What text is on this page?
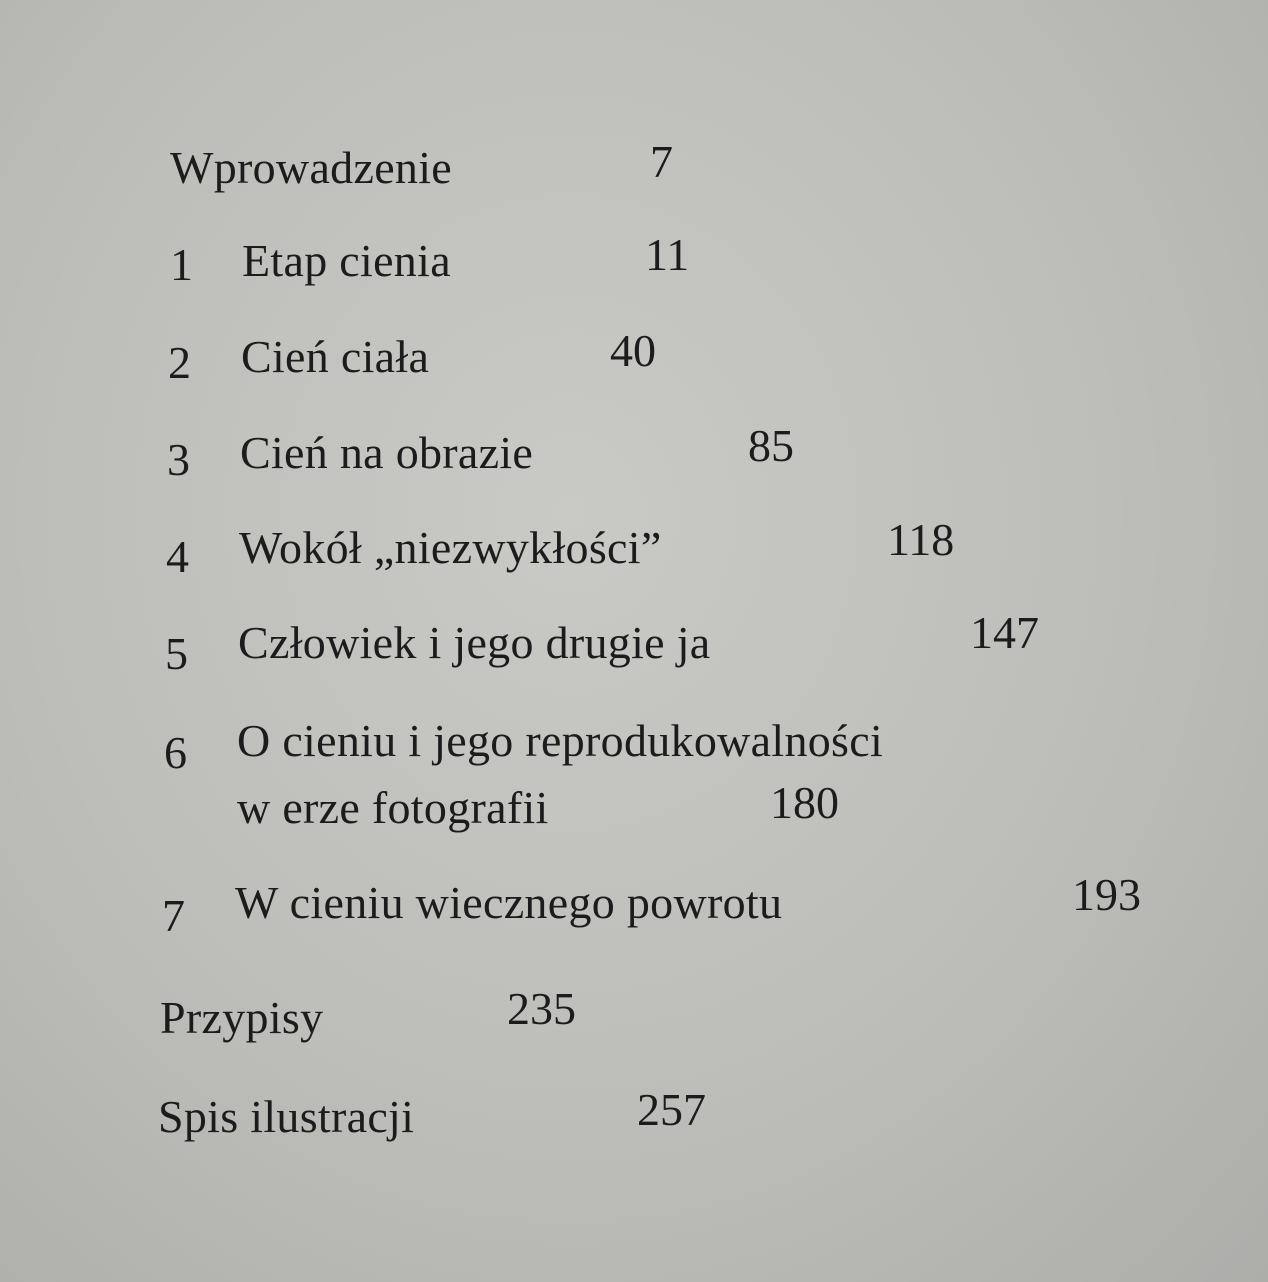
Wprowadzenie	7
1 Etap cienia	11
2 Cień ciała	40
3 Cień na obrazie	85
4 Wokół „niezwykłości”	118
5 Człowiek i jego drugie ja	147
6 O cieniu i jego reprodukowalności
w erze fotografii	180
7 W cieniu wiecznego powrotu	193
Przypisy	235
Spis ilustracji	257
